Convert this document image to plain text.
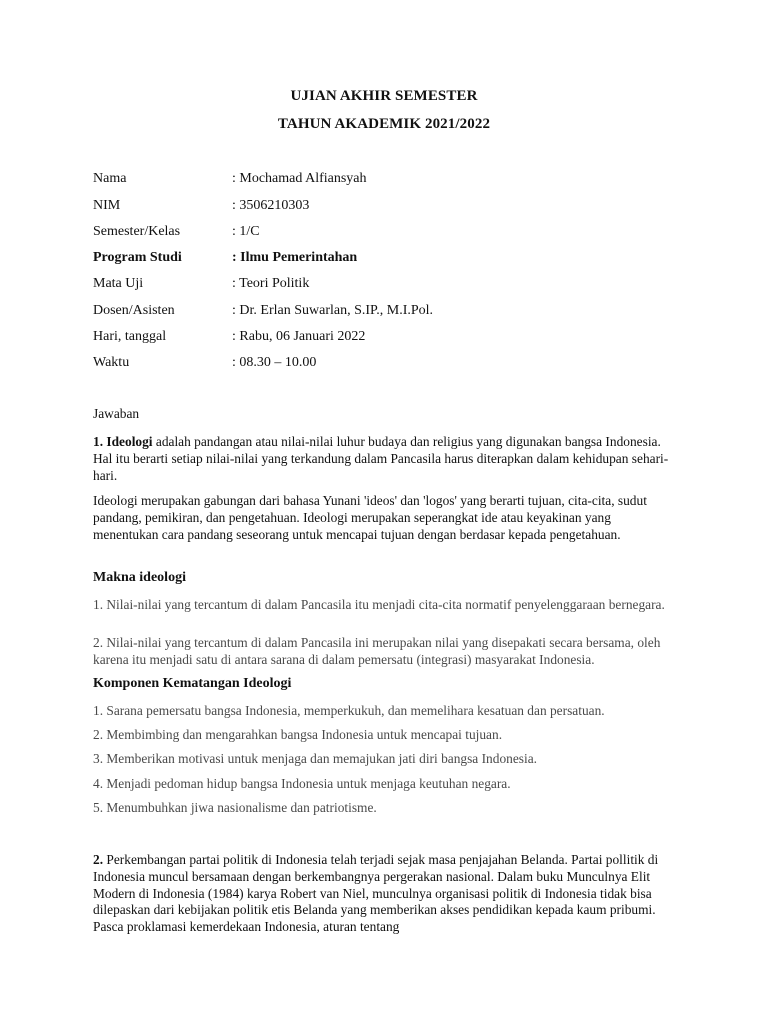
UJIAN AKHIR SEMESTER
TAHUN AKADEMIK 2021/2022
Nama	: Mochamad Alfiansyah
NIM	: 3506210303
Semester/Kelas	: 1/C
Program Studi	: Ilmu Pemerintahan
Mata Uji	: Teori Politik
Dosen/Asisten	: Dr. Erlan Suwarlan, S.IP., M.I.Pol.
Hari, tanggal	: Rabu, 06 Januari 2022
Waktu	: 08.30 – 10.00
Jawaban

1. Ideologi adalah pandangan atau nilai-nilai luhur budaya dan religius yang digunakan bangsa Indonesia. Hal itu berarti setiap nilai-nilai yang terkandung dalam Pancasila harus diterapkan dalam kehidupan sehari-hari.

Ideologi merupakan gabungan dari bahasa Yunani 'ideos' dan 'logos' yang berarti tujuan, cita-cita, sudut pandang, pemikiran, dan pengetahuan. Ideologi merupakan seperangkat ide atau keyakinan yang menentukan cara pandang seseorang untuk mencapai tujuan dengan berdasar kepada pengetahuan.

Makna ideologi
1. Nilai-nilai yang tercantum di dalam Pancasila itu menjadi cita-cita normatif penyelenggaraan bernegara.
2. Nilai-nilai yang tercantum di dalam Pancasila ini merupakan nilai yang disepakati secara bersama, oleh karena itu menjadi satu di antara sarana di dalam pemersatu (integrasi) masyarakat Indonesia.
Komponen Kematangan Ideologi
1. Sarana pemersatu bangsa Indonesia, memperkukuh, dan memelihara kesatuan dan persatuan.
2. Membimbing dan mengarahkan bangsa Indonesia untuk mencapai tujuan.
3. Memberikan motivasi untuk menjaga dan memajukan jati diri bangsa Indonesia.
4. Menjadi pedoman hidup bangsa Indonesia untuk menjaga keutuhan negara.
5. Menumbuhkan jiwa nasionalisme dan patriotisme.

2. Perkembangan partai politik di Indonesia telah terjadi sejak masa penjajahan Belanda. Partai pollitik di Indonesia muncul bersamaan dengan berkembangnya pergerakan nasional. Dalam buku Munculnya Elit Modern di Indonesia (1984) karya Robert van Niel, munculnya organisasi politik di Indonesia tidak bisa dilepaskan dari kebijakan politik etis Belanda yang memberikan akses pendidikan kepada kaum pribumi. Pasca proklamasi kemerdekaan Indonesia, aturan tentang
